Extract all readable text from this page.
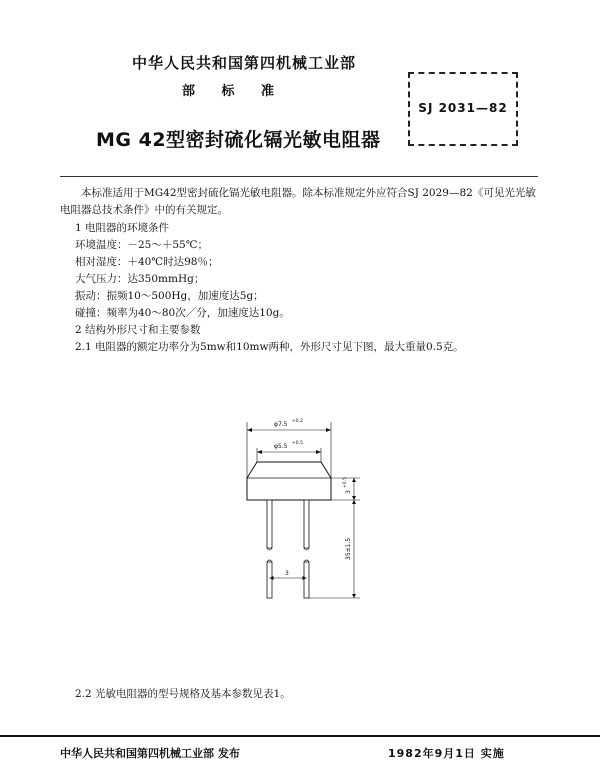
中华人民共和国第四机械工业部
部 标 准
SJ 2031—82
MG 42型密封硫化镉光敏电阻器
本标准适用于MG42型密封硫化镉光敏电阻器。除本标准规定外应符合SJ 2029—82《可见光光敏电阻器总技术条件》中的有关规定。
1 电阻器的环境条件
环境温度：－25～＋55℃；
相对湿度：＋40℃时达98％；
大气压力：达350mmHg；
振动：振频10～500Hg，加速度达5g；
碰撞：频率为40～80次／分，加速度达10g。
2 结构外形尺寸和主要参数
2.1 电阻器的额定功率分为5mw和10mw两种，外形尺寸见下图，最大重量0.5克。
φ7.5 +0.2
φ5.5 +0.5
3
3
+0.5
35±1.5
2.2 光敏电阻器的型号规格及基本参数见表1。
中华人民共和国第四机械工业部 发布	1982年9月1日 实施
